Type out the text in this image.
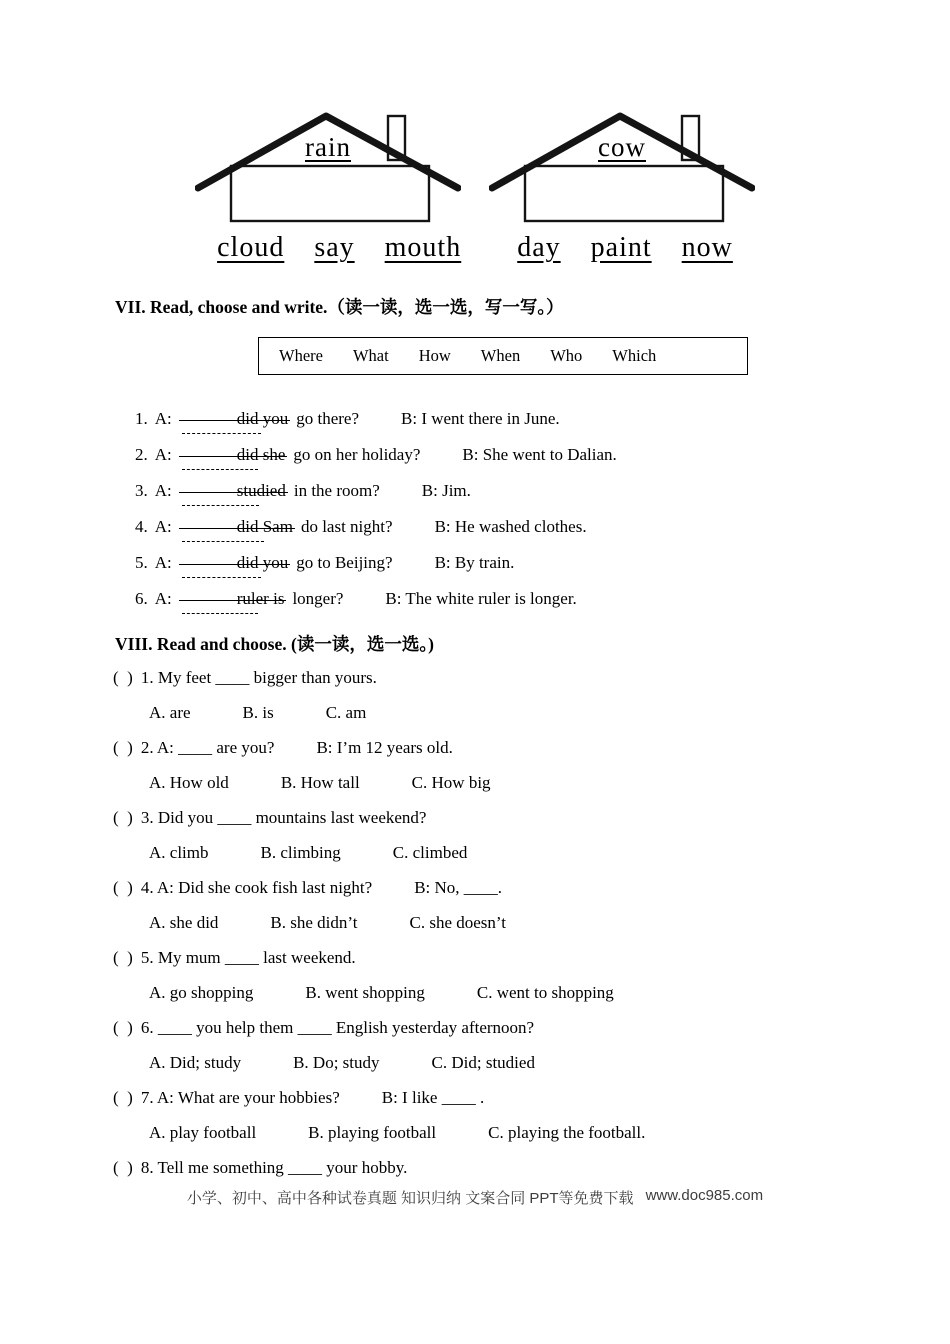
rain	cow
cloud say mouth day paint now
VII. Read, choose and write.（读一读，选一选，写一写。）
Where What How When Who Which
1. A:	did you go there? B: I went there in June.
2. A:	did she go on her holiday? B: She went to Dalian.
3. A:	studied in the room? B: Jim.
4. A:	did Sam do last night? B: He washed clothes.
5. A:	did you go to Beijing? B: By train.
6. A:	ruler is longer? B: The white ruler is longer.
VIII. Read and choose. (读一读，选一选。)
(  ) 1. My feet ____ bigger than yours.
A. are	B. is	C. am
(  ) 2. A: ____ are you? B: I’m 12 years old.
A. How old	B. How tall	C. How big
(  ) 3. Did you ____ mountains last weekend?
A. climb	B. climbing	C. climbed
(  ) 4. A: Did she cook fish last night? B: No, ____.
A. she did	B. she didn’t	C. she doesn’t
(  ) 5. My mum ____ last weekend.
A. go shopping	B. went shopping	C. went to shopping
(  ) 6. ____ you help them ____ English yesterday afternoon?
A. Did; study	B. Do; study	C. Did; studied
(  ) 7. A: What are your hobbies? B: I like ____ .
A. play football	B. playing football	C. playing the football.
(  ) 8. Tell me something ____ your hobby.
小学、初中、高中各种试卷真题 知识归纳 文案合同 PPT等免费下载 www.doc985.com
